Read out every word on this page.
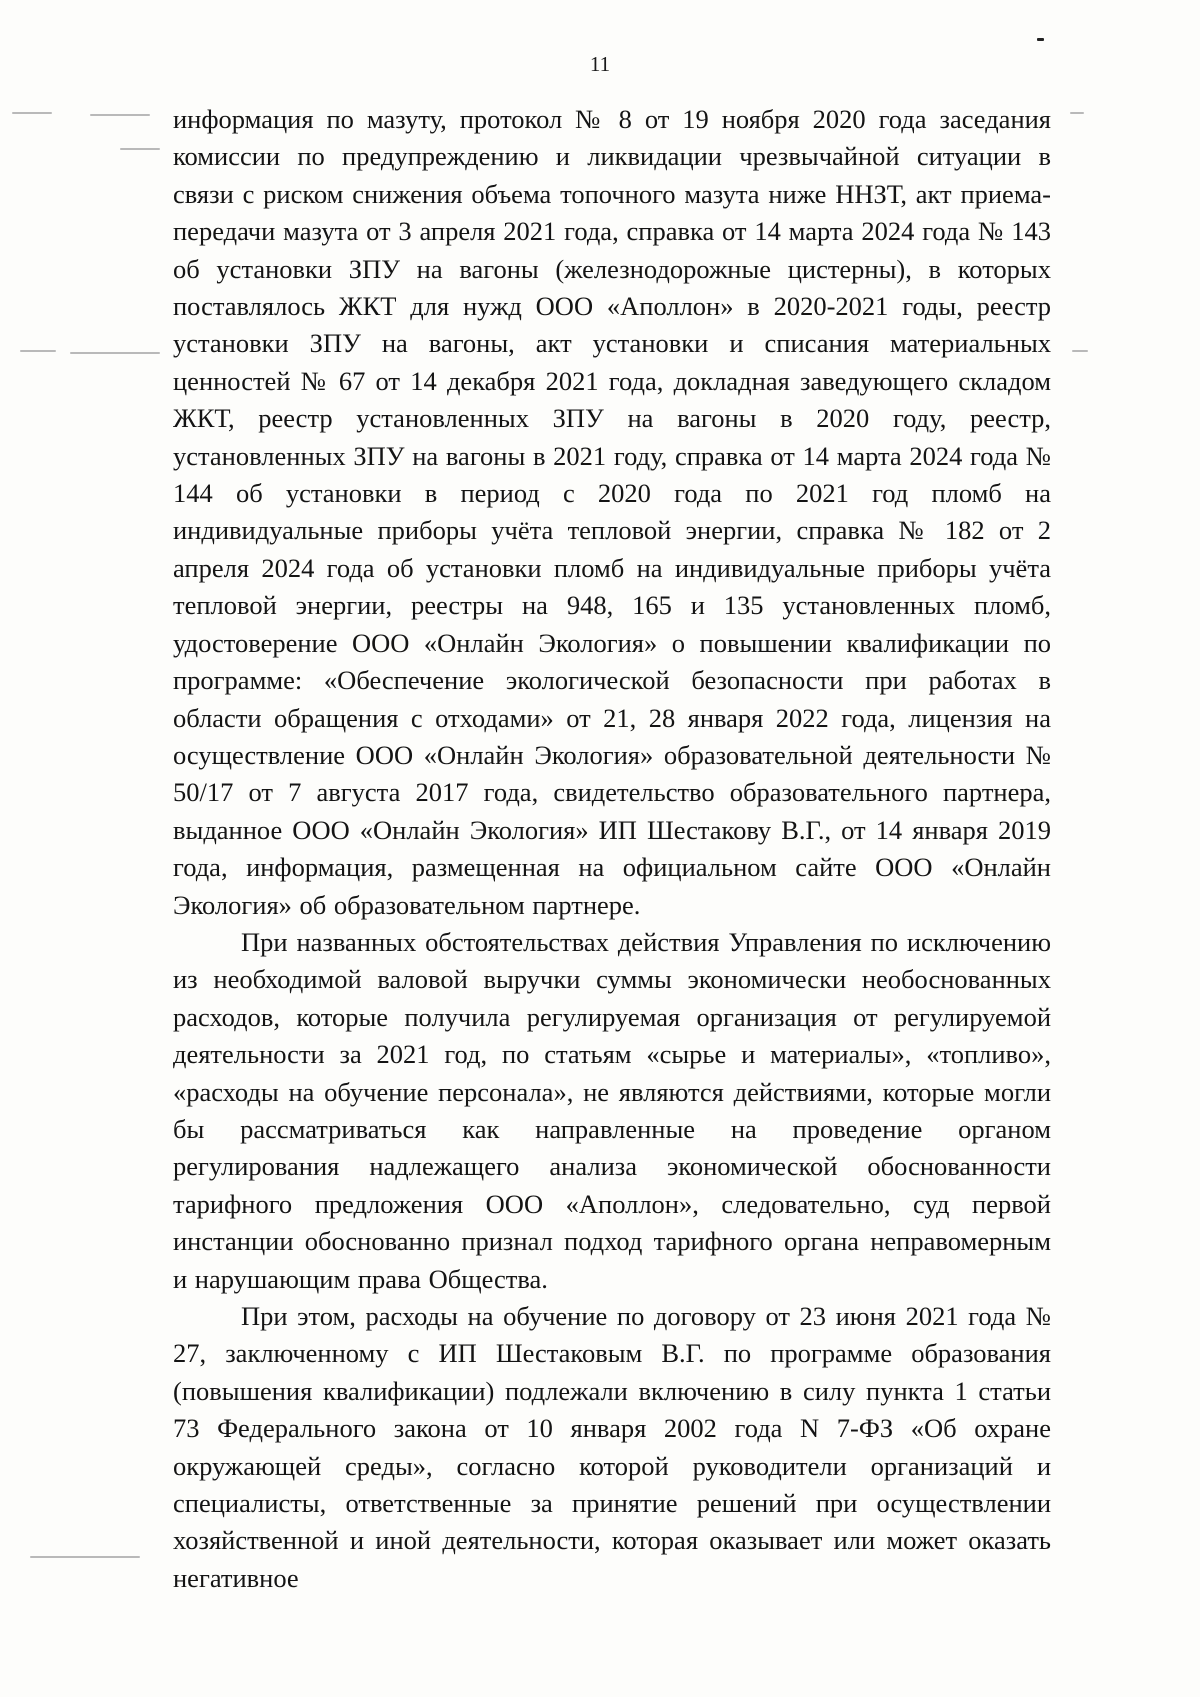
11

информация по мазуту, протокол № 8 от 19 ноября 2020 года заседания комиссии по предупреждению и ликвидации чрезвычайной ситуации в связи с риском снижения объема топочного мазута ниже ННЗТ, акт приема-передачи мазута от 3 апреля 2021 года, справка от 14 марта 2024 года № 143 об установки ЗПУ на вагоны (железнодорожные цистерны), в которых поставлялось ЖКТ для нужд ООО «Аполлон» в 2020-2021 годы, реестр установки ЗПУ на вагоны, акт установки и списания материальных ценностей № 67 от 14 декабря 2021 года, докладная заведующего складом ЖКТ, реестр установленных ЗПУ на вагоны в 2020 году, реестр, установленных ЗПУ на вагоны в 2021 году, справка от 14 марта 2024 года № 144 об установки в период с 2020 года по 2021 год пломб на индивидуальные приборы учёта тепловой энергии, справка № 182 от 2 апреля 2024 года об установки пломб на индивидуальные приборы учёта тепловой энергии, реестры на 948, 165 и 135 установленных пломб, удостоверение ООО «Онлайн Экология» о повышении квалификации по программе: «Обеспечение экологической безопасности при работах в области обращения с отходами» от 21, 28 января 2022 года, лицензия на осуществление ООО «Онлайн Экология» образовательной деятельности № 50/17 от 7 августа 2017 года, свидетельство образовательного партнера, выданное ООО «Онлайн Экология» ИП Шестакову В.Г., от 14 января 2019 года, информация, размещенная на официальном сайте ООО «Онлайн Экология» об образовательном партнере.

При названных обстоятельствах действия Управления по исключению из необходимой валовой выручки суммы экономически необоснованных расходов, которые получила регулируемая организация от регулируемой деятельности за 2021 год, по статьям «сырье и материалы», «топливо», «расходы на обучение персонала», не являются действиями, которые могли бы рассматриваться как направленные на проведение органом регулирования надлежащего анализа экономической обоснованности тарифного предложения ООО «Аполлон», следовательно, суд первой инстанции обоснованно признал подход тарифного органа неправомерным и нарушающим права Общества.

При этом, расходы на обучение по договору от 23 июня 2021 года № 27, заключенному с ИП Шестаковым В.Г. по программе образования (повышения квалификации) подлежали включению в силу пункта 1 статьи 73 Федерального закона от 10 января 2002 года N 7-ФЗ «Об охране окружающей среды», согласно которой руководители организаций и специалисты, ответственные за принятие решений при осуществлении хозяйственной и иной деятельности, которая оказывает или может оказать негативное
